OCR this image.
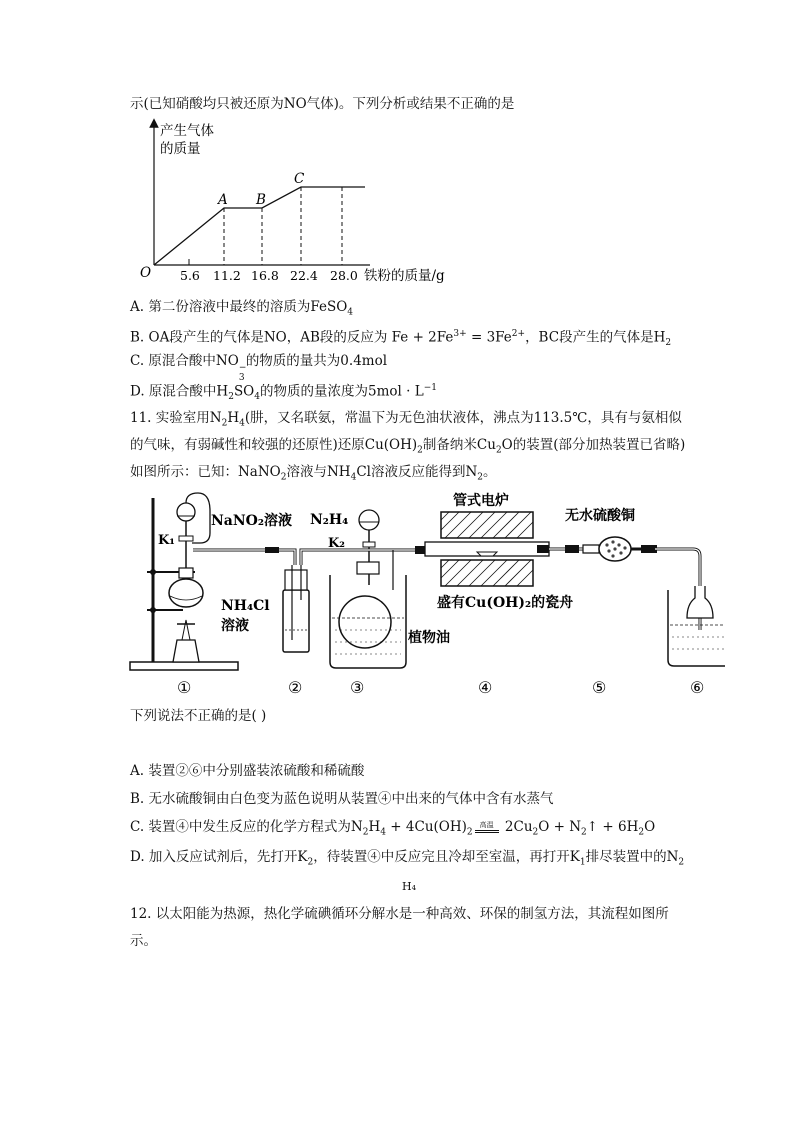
示(已知硝酸均只被还原为NO气体)。下列分析或结果不正确的是
产生气体
的质量
O	铁粉的质量/g
A B
C
5.6 11.2 16.8 22.4 28.0
A. 第二份溶液中最终的溶质为FeSO$_4$
B. OA段产生的气体是NO，AB段的反应为 $Fe + 2Fe^{3+} = 3Fe^{2+}$，BC段产生的气体是$H_2$
C. 原混合酸中NO −
3
的物质的量共为0.4mol
D. 原混合酸中$H_2SO_4$的物质的量浓度为$5mol \cdot L^{-1}$
11. 实验室用$N_2H_4$(肼，又名联氨，常温下为无色油状液体，沸点为113.5℃，具有与氨相似
的气味，有弱碱性和较强的还原性)还原$Cu(OH)_2$制备纳米$Cu_2O$的装置(部分加热装置已省略)
如图所示：已知：NaNO$_2$溶液与$NH_4Cl$溶液反应能得到$N_2$。
NaNO₂溶液
K₁
NH₄Cl
溶液
N₂H₄
K₂
植物油
管式电炉
盛有Cu(OH)₂的瓷舟
无水硫酸铜
①	②	③	④	⑤	⑥
下列说法不正确的是( )
A. 装置②⑥中分别盛装浓硫酸和稀硫酸
B. 无水硫酸铜由白色变为蓝色说明从装置④中出来的气体中含有水蒸气
C. 装置④中发生反应的化学方程式为$N_2H_4 + 4Cu(OH)_2$
高温 $2Cu_2O$ + $N_2↑ + 6H_2O$
D. 加入反应试剂后，先打开$K_2$，待装置④中反应完且冷却至室温，再打开$K_1$排尽装置中的$N_2$
H₄
12. 以太阳能为热源，热化学硫碘循环分解水是一种高效、环保的制氢方法，其流程如图所
示。
